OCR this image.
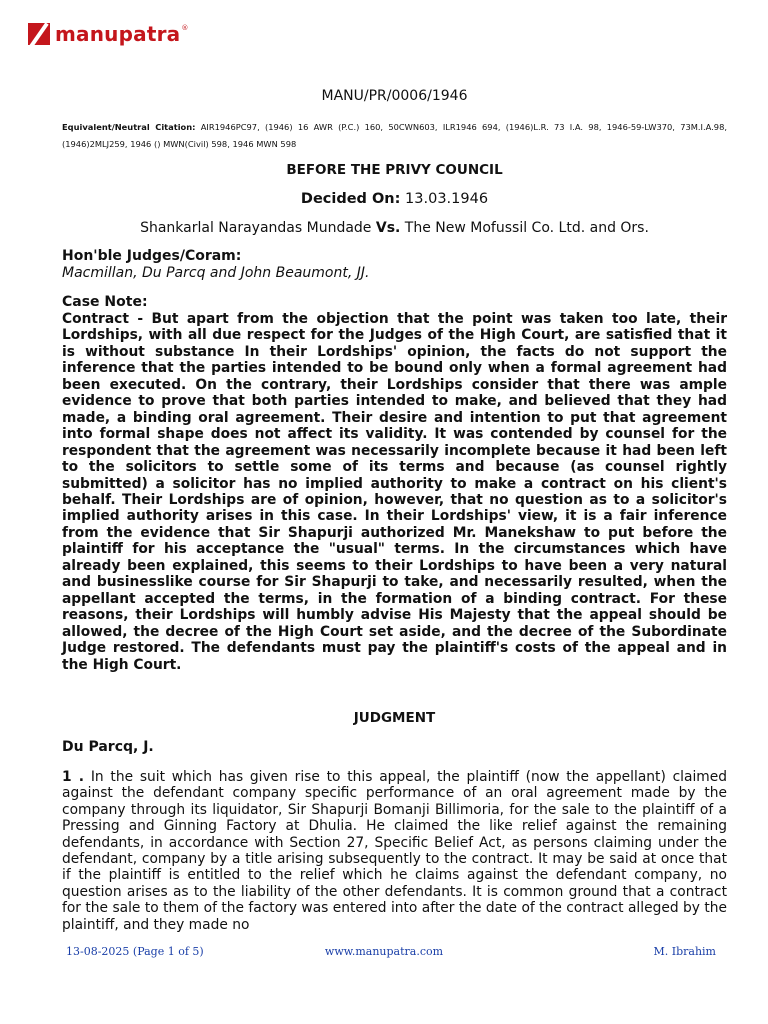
manupatra ®
MANU/PR/0006/1946
Equivalent/Neutral Citation: AIR1946PC97, (1946) 16 AWR (P.C.) 160, 50CWN603, ILR1946 694, (1946)L.R. 73 I.A. 98, 1946-59-LW370, 73M.I.A.98, (1946)2MLJ259, 1946 () MWN(Civil) 598, 1946 MWN 598
BEFORE THE PRIVY COUNCIL
Decided On: 13.03.1946
Shankarlal Narayandas Mundade Vs. The New Mofussil Co. Ltd. and Ors.
Hon'ble Judges/Coram:
Macmillan, Du Parcq and John Beaumont, JJ.
Case Note:
Contract - But apart from the objection that the point was taken too late, their Lordships, with all due respect for the Judges of the High Court, are satisfied that it is without substance In their Lordships' opinion, the facts do not support the inference that the parties intended to be bound only when a formal agreement had been executed. On the contrary, their Lordships consider that there was ample evidence to prove that both parties intended to make, and believed that they had made, a binding oral agreement. Their desire and intention to put that agreement into formal shape does not affect its validity. It was contended by counsel for the respondent that the agreement was necessarily incomplete because it had been left to the solicitors to settle some of its terms and because (as counsel rightly submitted) a solicitor has no implied authority to make a contract on his client's behalf. Their Lordships are of opinion, however, that no question as to a solicitor's implied authority arises in this case. In their Lordships' view, it is a fair inference from the evidence that Sir Shapurji authorized Mr. Manekshaw to put before the plaintiff for his acceptance the "usual" terms. In the circumstances which have already been explained, this seems to their Lordships to have been a very natural and businesslike course for Sir Shapurji to take, and necessarily resulted, when the appellant accepted the terms, in the formation of a binding contract. For these reasons, their Lordships will humbly advise His Majesty that the appeal should be allowed, the decree of the High Court set aside, and the decree of the Subordinate Judge restored. The defendants must pay the plaintiff's costs of the appeal and in the High Court.
JUDGMENT
Du Parcq, J.
1 . In the suit which has given rise to this appeal, the plaintiff (now the appellant) claimed against the defendant company specific performance of an oral agreement made by the company through its liquidator, Sir Shapurji Bomanji Billimoria, for the sale to the plaintiff of a Pressing and Ginning Factory at Dhulia. He claimed the like relief against the remaining defendants, in accordance with Section 27, Specific Belief Act, as persons claiming under the defendant, company by a title arising subsequently to the contract. It may be said at once that if the plaintiff is entitled to the relief which he claims against the defendant company, no question arises as to the liability of the other defendants. It is common ground that a contract for the sale to them of the factory was entered into after the date of the contract alleged by the plaintiff, and they made no
13-08-2025 (Page 1 of 5)	www.manupatra.com	M. Ibrahim
